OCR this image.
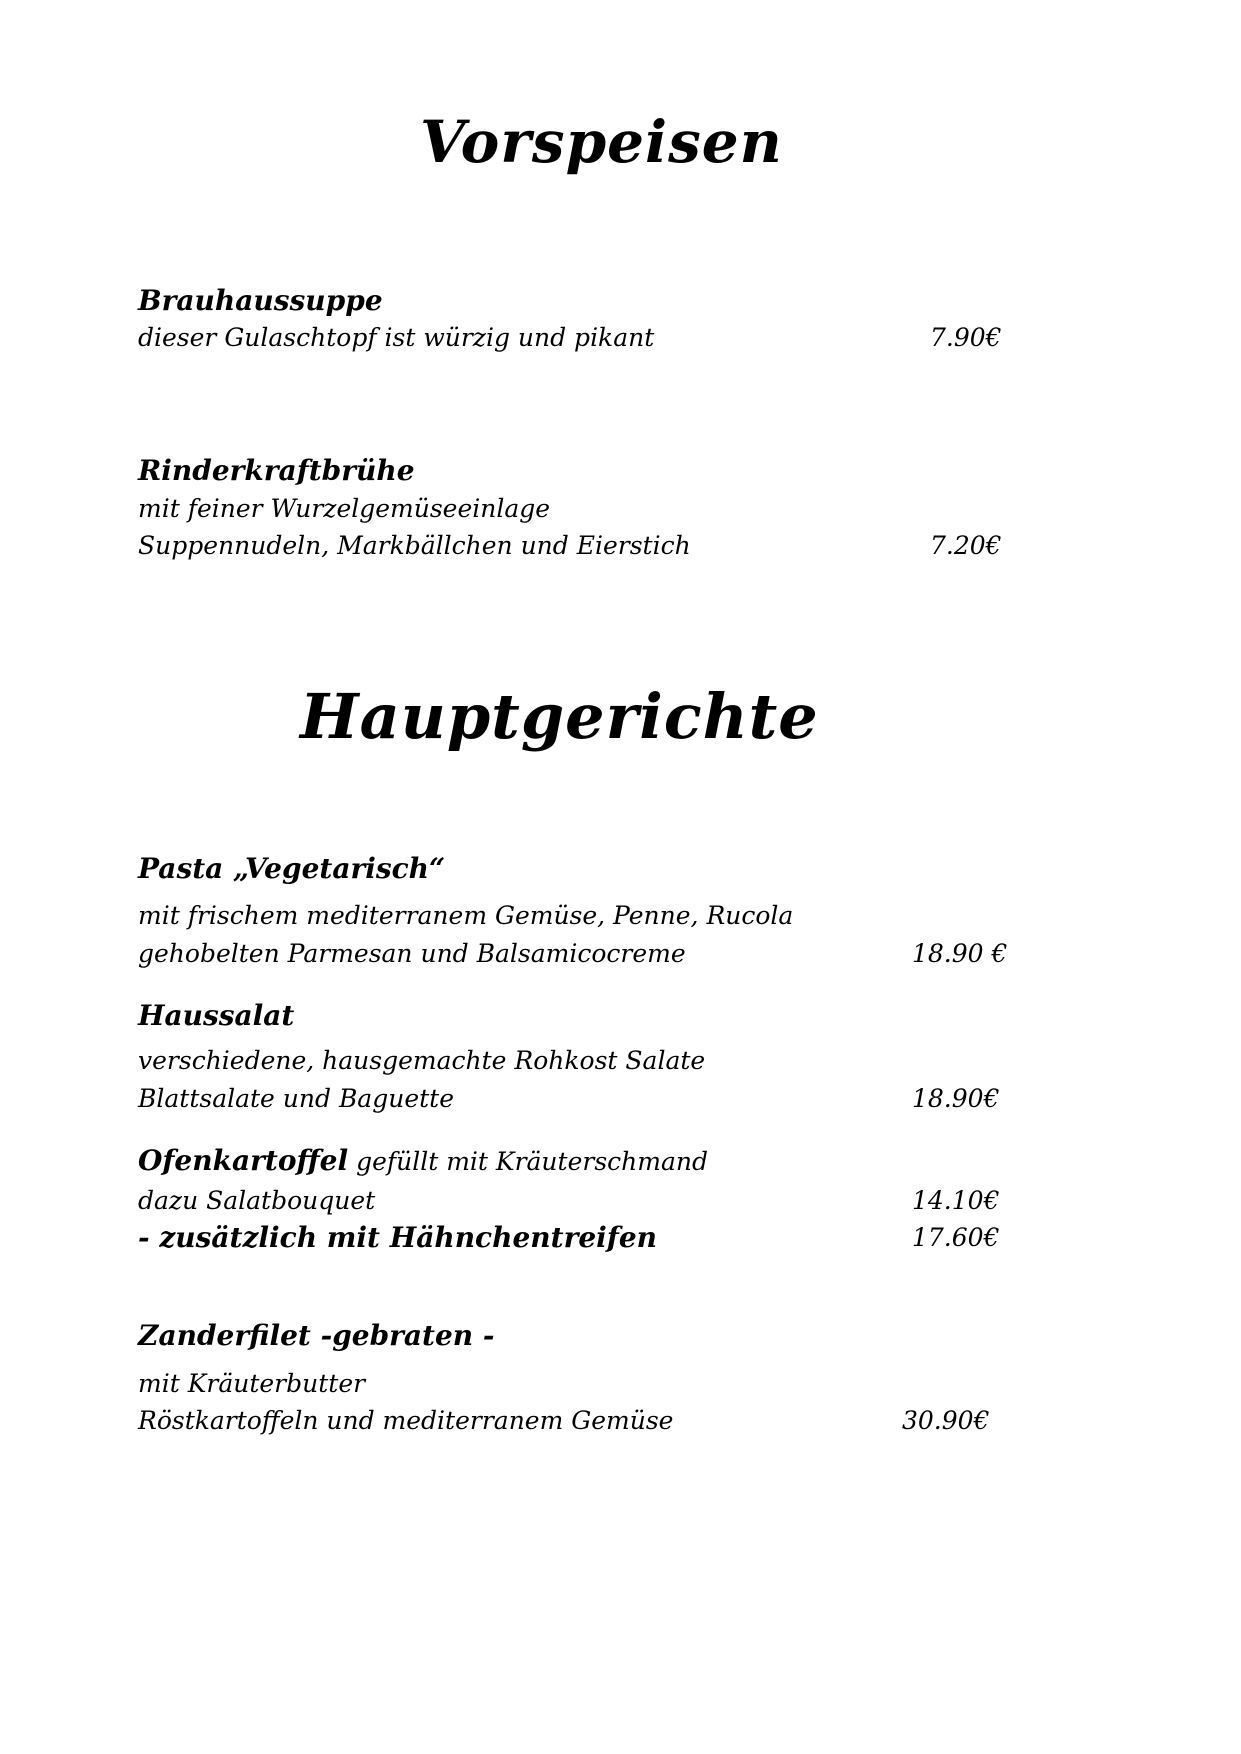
Vorspeisen
Brauhaussuppe
dieser Gulaschtopf ist würzig und pikant	7.90€
Rinderkraftbrühe
mit feiner Wurzelgemüseeinlage
Suppennudeln, Markbällchen und Eierstich	7.20€
Hauptgerichte
Pasta „Vegetarisch“
mit frischem mediterranem Gemüse, Penne, Rucola
gehobelten Parmesan und Balsamicocreme	18.90 €
Haussalat
verschiedene, hausgemachte Rohkost Salate
Blattsalate und Baguette	18.90€
Ofenkartoffel gefüllt mit Kräuterschmand
dazu Salatbouquet	14.10€
- zusätzlich mit Hähnchentreifen	17.60€
Zanderfilet -gebraten -
mit Kräuterbutter
Röstkartoffeln und mediterranem Gemüse	30.90€
